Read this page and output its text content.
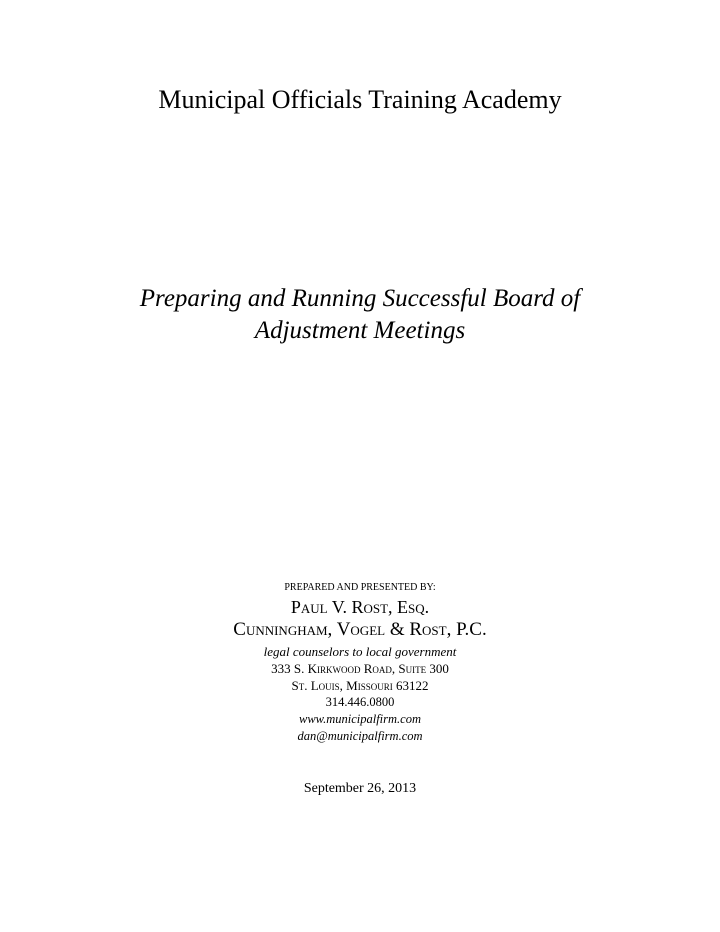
Municipal Officials Training Academy
Preparing and Running Successful Board of
Adjustment Meetings
PREPARED AND PRESENTED BY:
Paul V. Rost, Esq.
Cunningham, Vogel & Rost, P.C.
legal counselors to local government
333 S. Kirkwood Road, Suite 300
St. Louis, Missouri 63122
314.446.0800
www.municipalfirm.com
dan@municipalfirm.com
September 26, 2013
